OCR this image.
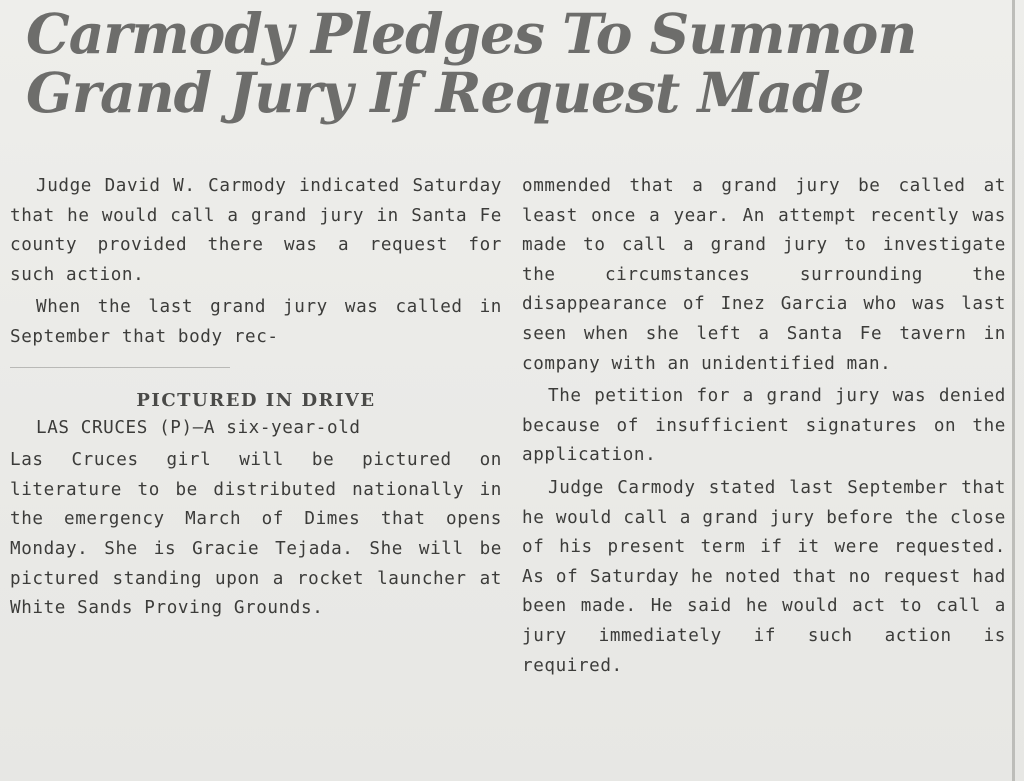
Carmody Pledges To Summon Grand Jury If Request Made

Judge David W. Carmody indicated Saturday that he would call a grand jury in Santa Fe county provided there was a request for such action.

When the last grand jury was called in September that body rec-

PICTURED IN DRIVE

LAS CRUCES (P)—A six-year-old

Las Cruces girl will be pictured on literature to be distributed nationally in the emergency March of Dimes that opens Monday. She is Gracie Tejada. She will be pictured standing upon a rocket launcher at White Sands Proving Grounds.

ommended that a grand jury be called at least once a year. An attempt recently was made to call a grand jury to investigate the circumstances surrounding the disappearance of Inez Garcia who was last seen when she left a Santa Fe tavern in company with an unidentified man.

The petition for a grand jury was denied because of insufficient signatures on the application.

Judge Carmody stated last September that he would call a grand jury before the close of his present term if it were requested. As of Saturday he noted that no request had been made. He said he would act to call a jury immediately if such action is required.
